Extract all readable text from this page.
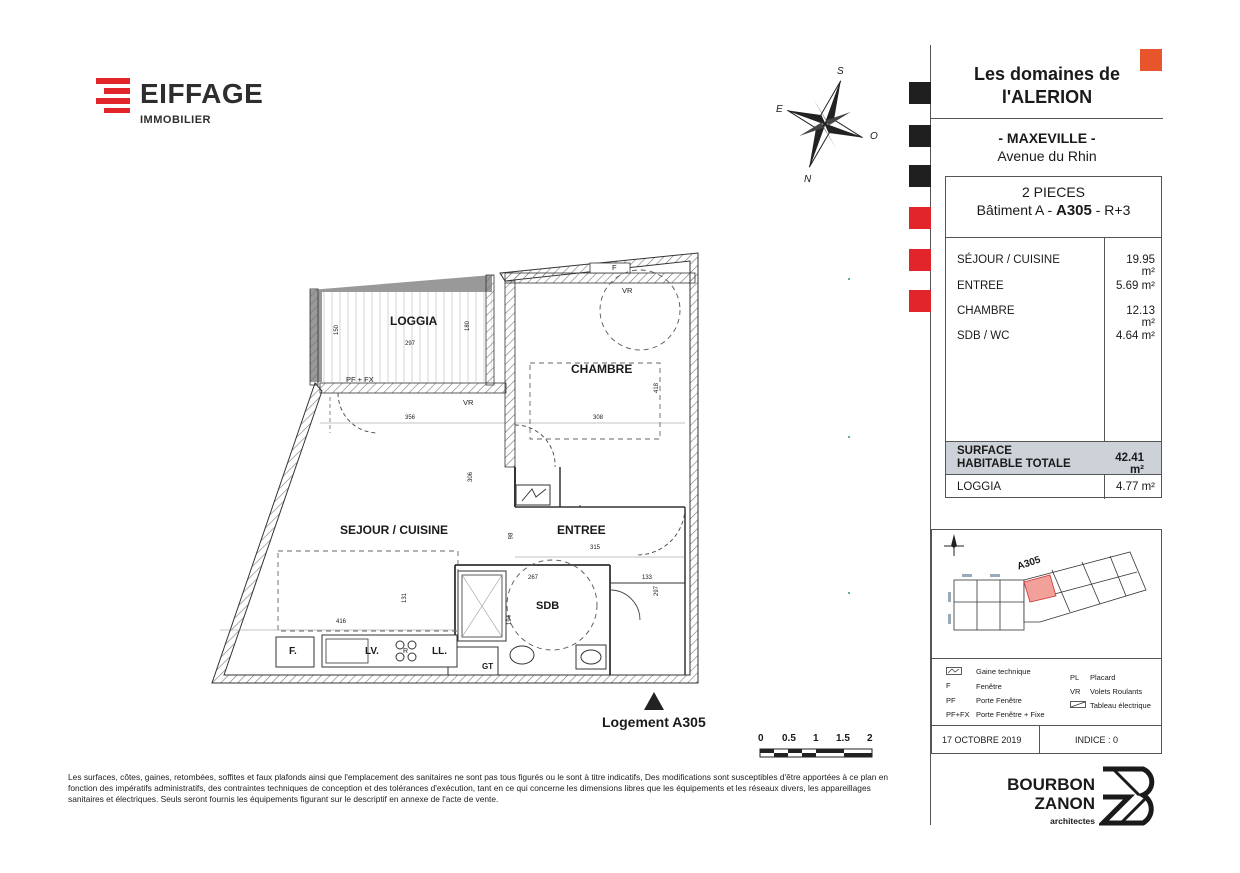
EIFFAGE
IMMOBILIER
S
E
O
N
LOGGIA
CHAMBRE
SEJOUR / CUISINE	ENTREE
SDB
PF + FX
VR
VR
F
F.	LV.	R LL.
GT
150	180
297
356	308
418
306
98
315
267	133
297
131
416	194
Logement A305
0 0.5 1 1.5 2
Les surfaces, côtes, gaines, retombées, soffites et faux plafonds ainsi que l'emplacement des sanitaires ne sont pas tous figurés ou le sont à titre indicatifs, Des modifications sont susceptibles d'être apportées à ce plan en fonction des impératifs administratifs, des contraintes techniques de conception et des tolérances d'exécution, tant en ce qui concerne les dimensions libres que les équipements et les réseaux divers, les appareillages sanitaires et électriques. Seuls seront fournis les équipements figurant sur le descriptif en annexe de l'acte de vente.
Les domaines de
l'ALERION
- MAXEVILLE -
Avenue du Rhin
2 PIECES
Bâtiment A - A305 - R+3
SÉJOUR / CUISINE	19.95 m²
ENTREE	5.69 m²
CHAMBRE	12.13 m²
SDB / WC	4.64 m²
SURFACE
HABITABLE TOTALE	42.41 m²
LOGGIA	4.77 m²
A305
Gaine technique
F	Fenêtre
PF	Porte Fenêtre
PF+FX Porte Fenêtre + Fixe
PL Placard
VR Volets Roulants
Tableau électrique
17 OCTOBRE 2019	INDICE : 0
BOURBON
ZANON
architectes
